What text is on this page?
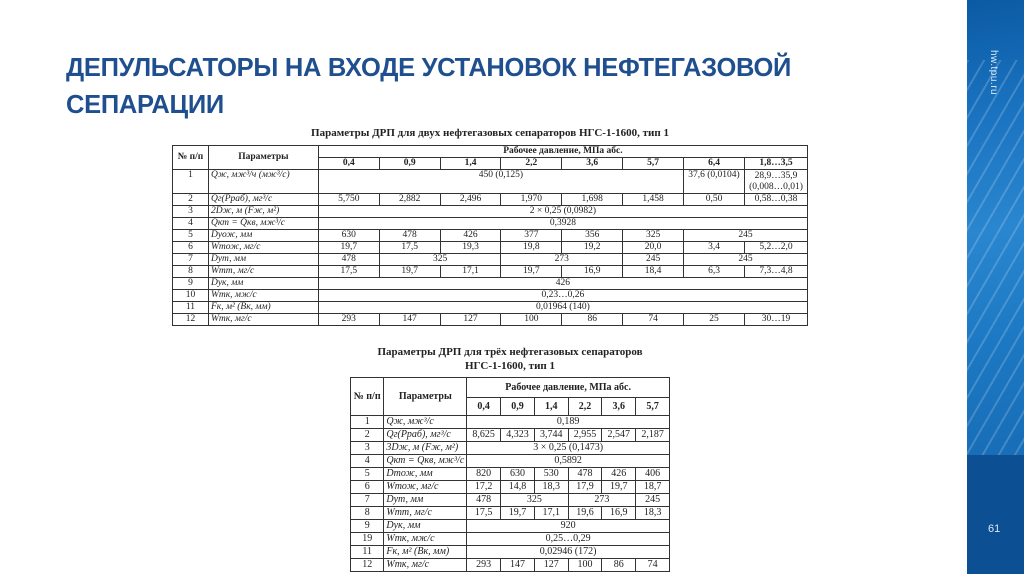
ДЕПУЛЬСАТОРЫ НА ВХОДЕ УСТАНОВОК НЕФТЕГАЗОВОЙ СЕПАРАЦИИ
hw.tpu.ru
61
Параметры ДРП для двух нефтегазовых сепараторов НГС-1-1600, тип 1
№ п/п	Параметры	Рабочее давление, МПа абс.							
		0,4	0,9	1,4	2,2	3,6	5,7	6,4	1,8…3,5
1	Qж, мж³/ч (мж³/с)	450 (0,125)						37,6 (0,0104)	28,9…35,9 (0,008…0,01)
2	Qг(Pраб), мг³/с	5,750	2,882	2,496	1,970	1,698	1,458	0,50	0,58…0,38
3	2Dж, м (Fж, м²)	2 × 0,25 (0,0982)							
4	Qкт = Qкв, мж³/с	0,3928							
5	Dуож, мм	630	478	426	377	356	325	245	
6	Wтож, мг/с	19,7	17,5	19,3	19,8	19,2	20,0	3,4	5,2…2,0
7	Dут, мм	478	325		273		245	245	
8	Wтт, мг/с	17,5	19,7	17,1	19,7	16,9	18,4	6,3	7,3…4,8
9	Dук, мм	426							
10	Wтк, мж/с	0,23…0,26							
11	Fк, м² (Bк, мм)	0,01964 (140)							
12	Wтк, мг/с	293	147	127	100	86	74	25	30…19
Параметры ДРП для трёх нефтегазовых сепараторов
НГС-1-1600, тип 1
№ п/п	Параметры	Рабочее давление, МПа абс.					
		0,4	0,9	1,4	2,2	3,6	5,7
1	Qж, мж³/с	0,189					
2	Qг(Pраб), мг³/с	8,625	4,323	3,744	2,955	2,547	2,187
3	3Dж, м (Fж, м²)	3 × 0,25 (0,1473)					
4	Qкт = Qкв, мж³/с	0,5892					
5	Dтож, мм	820	630	530	478	426	406
6	Wтож, мг/с	17,2	14,8	18,3	17,9	19,7	18,7
7	Dут, мм	478	325		273		245
8	Wтт, мг/с	17,5	19,7	17,1	19,6	16,9	18,3
9	Dук, мм	920					
19	Wтк, мж/с	0,25…0,29					
11	Fк, м² (Bк, мм)	0,02946 (172)					
12	Wтк, мг/с	293	147	127	100	86	74
